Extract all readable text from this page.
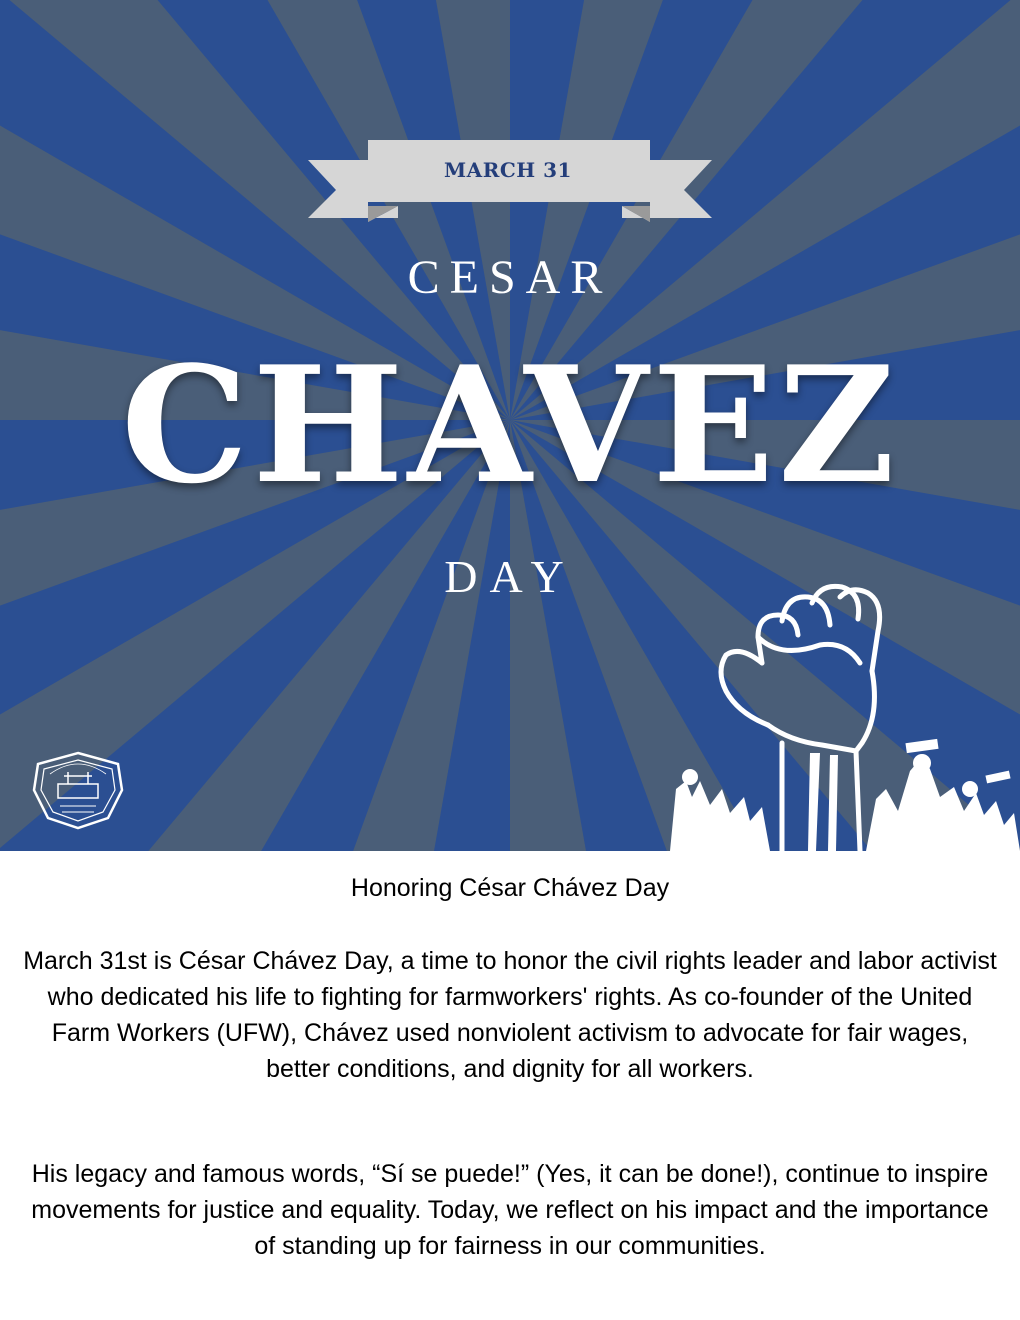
MARCH 31
CESAR
CHAVEZ
DAY
Honoring César Chávez Day
March 31st is César Chávez Day, a time to honor the civil rights leader and labor activist who dedicated his life to fighting for farmworkers' rights. As co-founder of the United Farm Workers (UFW), Chávez used nonviolent activism to advocate for fair wages, better conditions, and dignity for all workers.
His legacy and famous words, “Sí se puede!” (Yes, it can be done!), continue to inspire movements for justice and equality. Today, we reflect on his impact and the importance of standing up for fairness in our communities.
